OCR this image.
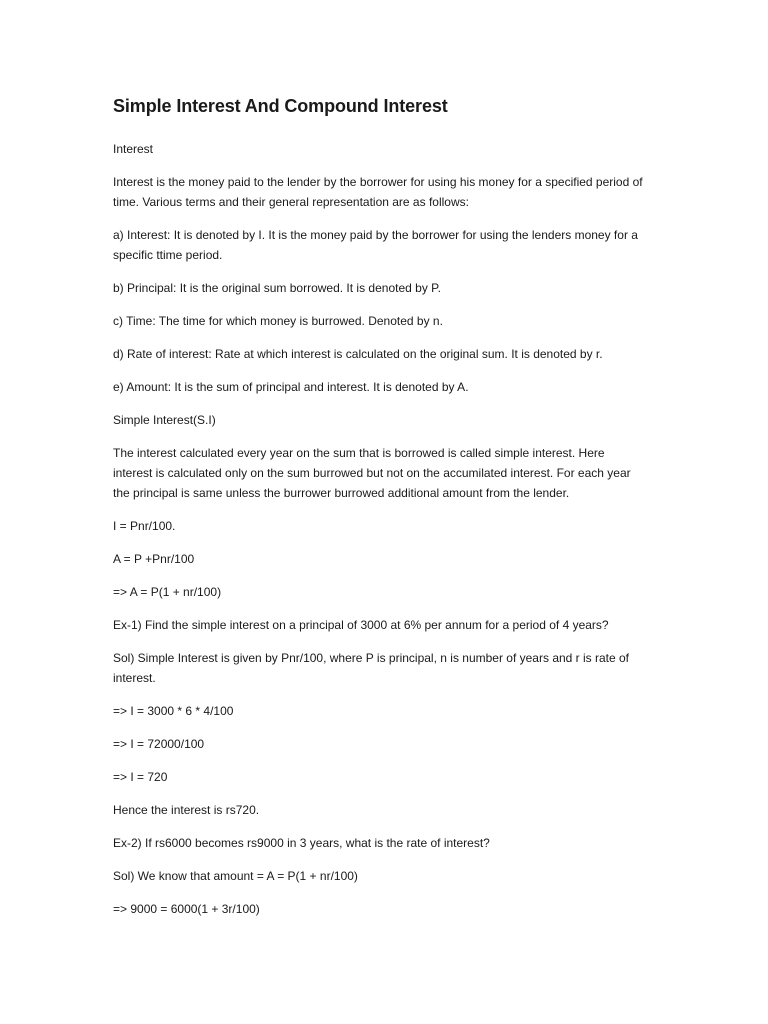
Simple Interest And Compound Interest

Interest

Interest is the money paid to the lender by the borrower for using his money for a specified period of time. Various terms and their general representation are as follows:

a) Interest: It is denoted by I. It is the money paid by the borrower for using the lenders money for a specific ttime period.

b) Principal: It is the original sum borrowed. It is denoted by P.

c) Time: The time for which money is burrowed. Denoted by n.

d) Rate of interest: Rate at which interest is calculated on the original sum. It is denoted by r.

e) Amount: It is the sum of principal and interest. It is denoted by A.

Simple Interest(S.I)

The interest calculated every year on the sum that is borrowed is called simple interest. Here interest is calculated only on the sum burrowed but not on the accumilated interest. For each year the principal is same unless the burrower burrowed additional amount from the lender.

I = Pnr/100.

A = P +Pnr/100

=> A = P(1 + nr/100)

Ex-1) Find the simple interest on a principal of 3000 at 6% per annum for a period of 4 years?

Sol) Simple Interest is given by Pnr/100, where P is principal, n is number of years and r is rate of interest.

=> I = 3000 * 6 * 4/100

=> I = 72000/100

=> I = 720

Hence the interest is rs720.

Ex-2) If rs6000 becomes rs9000 in 3 years, what is the rate of interest?

Sol) We know that amount = A = P(1 + nr/100)

=> 9000 = 6000(1 + 3r/100)
